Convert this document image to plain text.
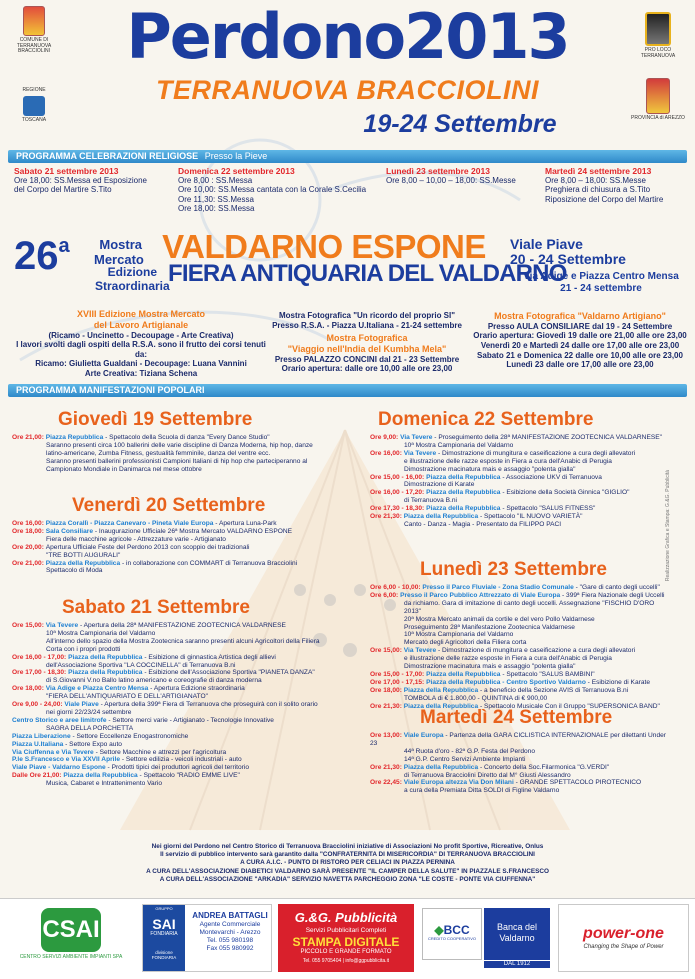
COMUNE DI TERRANUOVA BRACCIOLINI
REGIONE
TOSCANA
PRO LOCO TERRANUOVA
PROVINCIA di AREZZO
Perdono2013
TERRANUOVA BRACCIOLINI
19-24 Settembre
PROGRAMMA CELEBRAZIONI RELIGIOSE Presso la Pieve
Sabato 21 settembre 2013
Ore 18,00: SS.Messa ed Esposizione
del Corpo del Martire S.Tito
Domenica 22 settembre 2013
Ore 8,00 : SS.Messa
Ore 10,00: SS.Messa cantata con la Corale S.Cecilia
Ore 11,30: SS.Messa
Ore 18,00: SS.Messa
Lunedì 23 settembre 2013
Ore 8,00 – 10,00 – 18,00: SS.Messe
Martedì 24 settembre 2013
Ore 8,00 – 18,00: SS.Messe
Preghiera di chiusura a S.Tito
Riposizione del Corpo del Martire
26$^a$	Mostra
Mercato
Edizione
Straordinaria
VALDARNO ESPONE
FIERA ANTIQUARIA DEL VALDARNO
Viale Piave
20 - 24 Settembre
Via Adige e Piazza Centro Mensa
21 - 24 settembre
XVIII Edizione Mostra Mercato
del Lavoro Artigianale
(Ricamo - Uncinetto - Decoupage - Arte Creativa)
I lavori svolti dagli ospiti della R.S.A. sono il frutto dei corsi tenuti da:
Ricamo: Giulietta Gualdani - Decoupage: Luana Vannini
Arte Creativa: Tiziana Schena
Mostra Fotografica "Un ricordo del proprio SI"
Presso R.S.A. - Piazza U.Italiana - 21-24 settembre
Mostra Fotografica
"Viaggio nell'India del Kumbha Mela"
Presso PALAZZO CONCINI dal 21 - 23 Settembre
Orario apertura: dalle ore 10,00 alle ore 23,00
Mostra Fotografica "Valdarno Artigiano"
Presso AULA CONSILIARE dal 19 - 24 Settembre
Orario apertura: Giovedì 19 dalle ore 21,00 alle ore 23,00
Venerdì 20 e Martedì 24 dalle ore 17,00 alle ore 23,00
Sabato 21 e Domenica 22 dalle ore 10,00 alle ore 23,00
Lunedì 23 dalle ore 17,00 alle ore 23,00
PROGRAMMA MANIFESTAZIONI POPOLARI
Giovedì 19 Settembre
Venerdì 20 Settembre
Sabato 21 Settembre
Domenica 22 Settembre
Lunedì 23 Settembre
Martedì 24 Settembre
Ore 21,00: Piazza Repubblica - Spettacolo della Scuola di danza "Every Dance Studio"
Saranno presenti circa 100 ballerini delle varie discipline di Danza Moderna, hip hop, danze
latino-americane, Zumba Fitness, gestualità femminile, danza del ventre ecc.
Saranno presenti ballerini professionisti Campioni Italiani di hip hop che parteciperanno al
Campionato Mondiale in Danimarca nel mese ottobre
Ore 16,00: Piazza Corallì - Piazza Canevaro - Pineta Viale Europa - Apertura Luna-Park
Ore 18,00: Sala Consiliare - Inaugurazione Ufficiale 26ª Mostra Mercato VALDARNO ESPONE
Fiera delle macchine agricole - Attrezzature varie - Artigianato
Ore 20,00: Apertura Ufficiale Feste del Perdono 2013 con scoppio dei tradizionali
"TRE BOTTI AUGURALI"
Ore 21,00: Piazza della Repubblica - in collaborazione con COMMART di Terranuova Bracciolini
Spettacolo di Moda
Ore 15,00: Via Tevere - Apertura della 28ª MANIFESTAZIONE ZOOTECNICA VALDARNESE
10ª Mostra Campionaria del Valdarno
All'interno dello spazio della Mostra Zootecnica saranno presenti alcuni Agricoltori della Filiera
Corta con i propri prodotti
Ore 16,00 - 17,00: Piazza della Repubblica - Esibizione di ginnastica Artistica degli allievi
dell'Associazione Sportiva "LA COCCINELLA" di Terranuova B.ni
Ore 17,00 - 18,30: Piazza della Repubblica - Esibizione dell'Associazione Sportiva "PIANETA DANZA"
di S.Giovanni V.no Ballo latino americano e coreografie di danza moderna
Ore 18,00: Via Adige e Piazza Centro Mensa - Apertura Edizione straordinaria
"FIERA DELL'ANTIQUARIATO E DELL'ARTIGIANATO"
Ore 9,00 - 24,00: Viale Piave - Apertura della 399ª Fiera di Terranuova che proseguirà con il solito orario
nei giorni 22/23/24 settembre
Centro Storico e aree limitrofe - Settore merci varie - Artigianato - Tecnologie Innovative
SAGRA DELLA PORCHETTA
Piazza Liberazione - Settore Eccellenze Enogastronomiche
Piazza U.Italiana - Settore Expo auto
Via Ciuffenna e Via Tevere - Settore Macchine e attrezzi per l'agricoltura
P.le S.Francesco e Via XXVII Aprile - Settore edilizia - veicoli industriali - auto
Viale Piave - Valdarno Espone - Prodotti tipici dei produttori agricoli del territorio
Dalle Ore 21,00: Piazza della Repubblica - Spettacolo "RADIO EMME LIVE"
Musica, Cabaret e Intrattenimento Vario
Ore 9,00: Via Tevere - Proseguimento della 28ª MANIFESTAZIONE ZOOTECNICA VALDARNESE"
10ª Mostra Campionaria del Valdarno
Ore 16,00: Via Tevere - Dimostrazione di mungitura e caseificazione a cura degli allevatori
e illustrazione delle razze esposte in Fiera a cura dell'Anabic di Perugia
Dimostrazione macinatura mais e assaggio "polenta gialla"
Ore 15,00 - 16,00: Piazza della Repubblica - Associazione UKV di Terranuova
Dimostrazione di Karate
Ore 16,00 - 17,20: Piazza della Repubblica - Esibizione della Società Ginnica "GIGLIO"
di Terranuova B.ni
Ore 17,30 - 18,30: Piazza della Repubblica - Spettacolo "SALUS FITNESS"
Ore 21,30: Piazza della Repubblica - Spettacolo "IL NUOVO VARIETÀ"
Canto - Danza - Magia - Presentato da FILIPPO PACI
Ore 6,00 - 10,00: Presso il Parco Fluviale - Zona Stadio Comunale - "Gare di canto degli uccelli"
Ore 6,00: Presso il Parco Pubblico Attrezzato di Viale Europa - 399ª Fiera Nazionale degli Uccelli
da richiamo. Gara di imitazione di canto degli uccelli. Assegnazione "FISCHIO D'ORO 2013"
20ª Mostra Mercato animali da cortile e del vero Pollo Valdarnese
Proseguimento 28ª Manifestazione Zootecnica Valdarnese
10ª Mostra Campionaria del Valdarno
Mercato degli Agricoltori della Filiera corta
Ore 15,00: Via Tevere - Dimostrazione di mungitura e caseificazione a cura degli allevatori
e illustrazione delle razze esposte in Fiera a cura dell'Anabic di Perugia
Dimostrazione macinatura mais e assaggio "polenta gialla"
Ore 15,00 - 17,00: Piazza della Repubblica - Spettacolo "SALUS BAMBINI"
Ore 17,00 - 17,15: Piazza della Repubblica - Centro Sportivo Valdarno - Esibizione di Karate
Ore 18,00: Piazza della Repubblica - a beneficio della Sezione AVIS di Terranuova B.ni
TOMBOLA di € 1.800,00 - QUINTINA di € 900,00
Ore 21,30: Piazza della Repubblica - Spettacolo Musicale Con il Gruppo "SUPERSONICA BAND"
Ore 13,00: Viale Europa - Partenza della GARA CICLISTICA INTERNAZIONALE per dilettanti Under 23
44ª Ruota d'oro - 82ª G.P. Festa del Perdono
14ª G.P. Centro Servizi Ambiente Impianti
Ore 21,30: Piazza della Repubblica - Concerto della Soc.Filarmonica "G.VERDI"
di Terranuova Bracciolini Diretto dal M° Giusti Alessandro
Ore 22,45: Viale Europa altezza Via Don Milani - GRANDE SPETTACOLO PIROTECNICO
a cura della Premiata Ditta SOLDI di Figline Valdarno
Realizzazione Grafica e Stampa: G.&G. Pubblicità
Nei giorni del Perdono nel Centro Storico di Terranuova Bracciolini iniziative di Associazioni No profit Sportive, Ricreative, Onlus
Il servizio di pubblico intervento sarà garantito dalla "CONFRATERNITA DI MISERICORDIA" DI TERRANUOVA BRACCIOLINI
A CURA A.I.C. - PUNTO DI RISTORO PER CELIACI IN PIAZZA PERNINA
A CURA DELL'ASSOCIAZIONE DIABETICI VALDARNO SARÀ PRESENTE "IL CAMPER DELLA SALUTE" IN PIAZZALE S.FRANCESCO
A CURA DELL'ASSOCIAZIONE "ARKADIA" SERVIZIO NAVETTA PARCHEGGIO ZONA "LE COSTE - PONTE VIA CIUFFENNA"
CSAI
CENTRO SERVIZI AMBIENTE IMPIANTI SPA
GRUPPO
SAI
FONDIARIA
divisione FONDIARIA
ANDREA BATTAGLI
Agente Commerciale
Montevarchi - Arezzo
Tel. 055 980198
Fax 055 980992
G.&G. Pubblicità
Servizi Pubblicitari Completi
STAMPA DIGITALE
PICCOLO E GRANDE FORMATO
Tel. 055 9705404 | info@ggpubblicita.it
◆BCC
CREDITO COOPERATIVO
Banca del
Valdarno
DAL 1912
power-one
Changing the Shape of Power
